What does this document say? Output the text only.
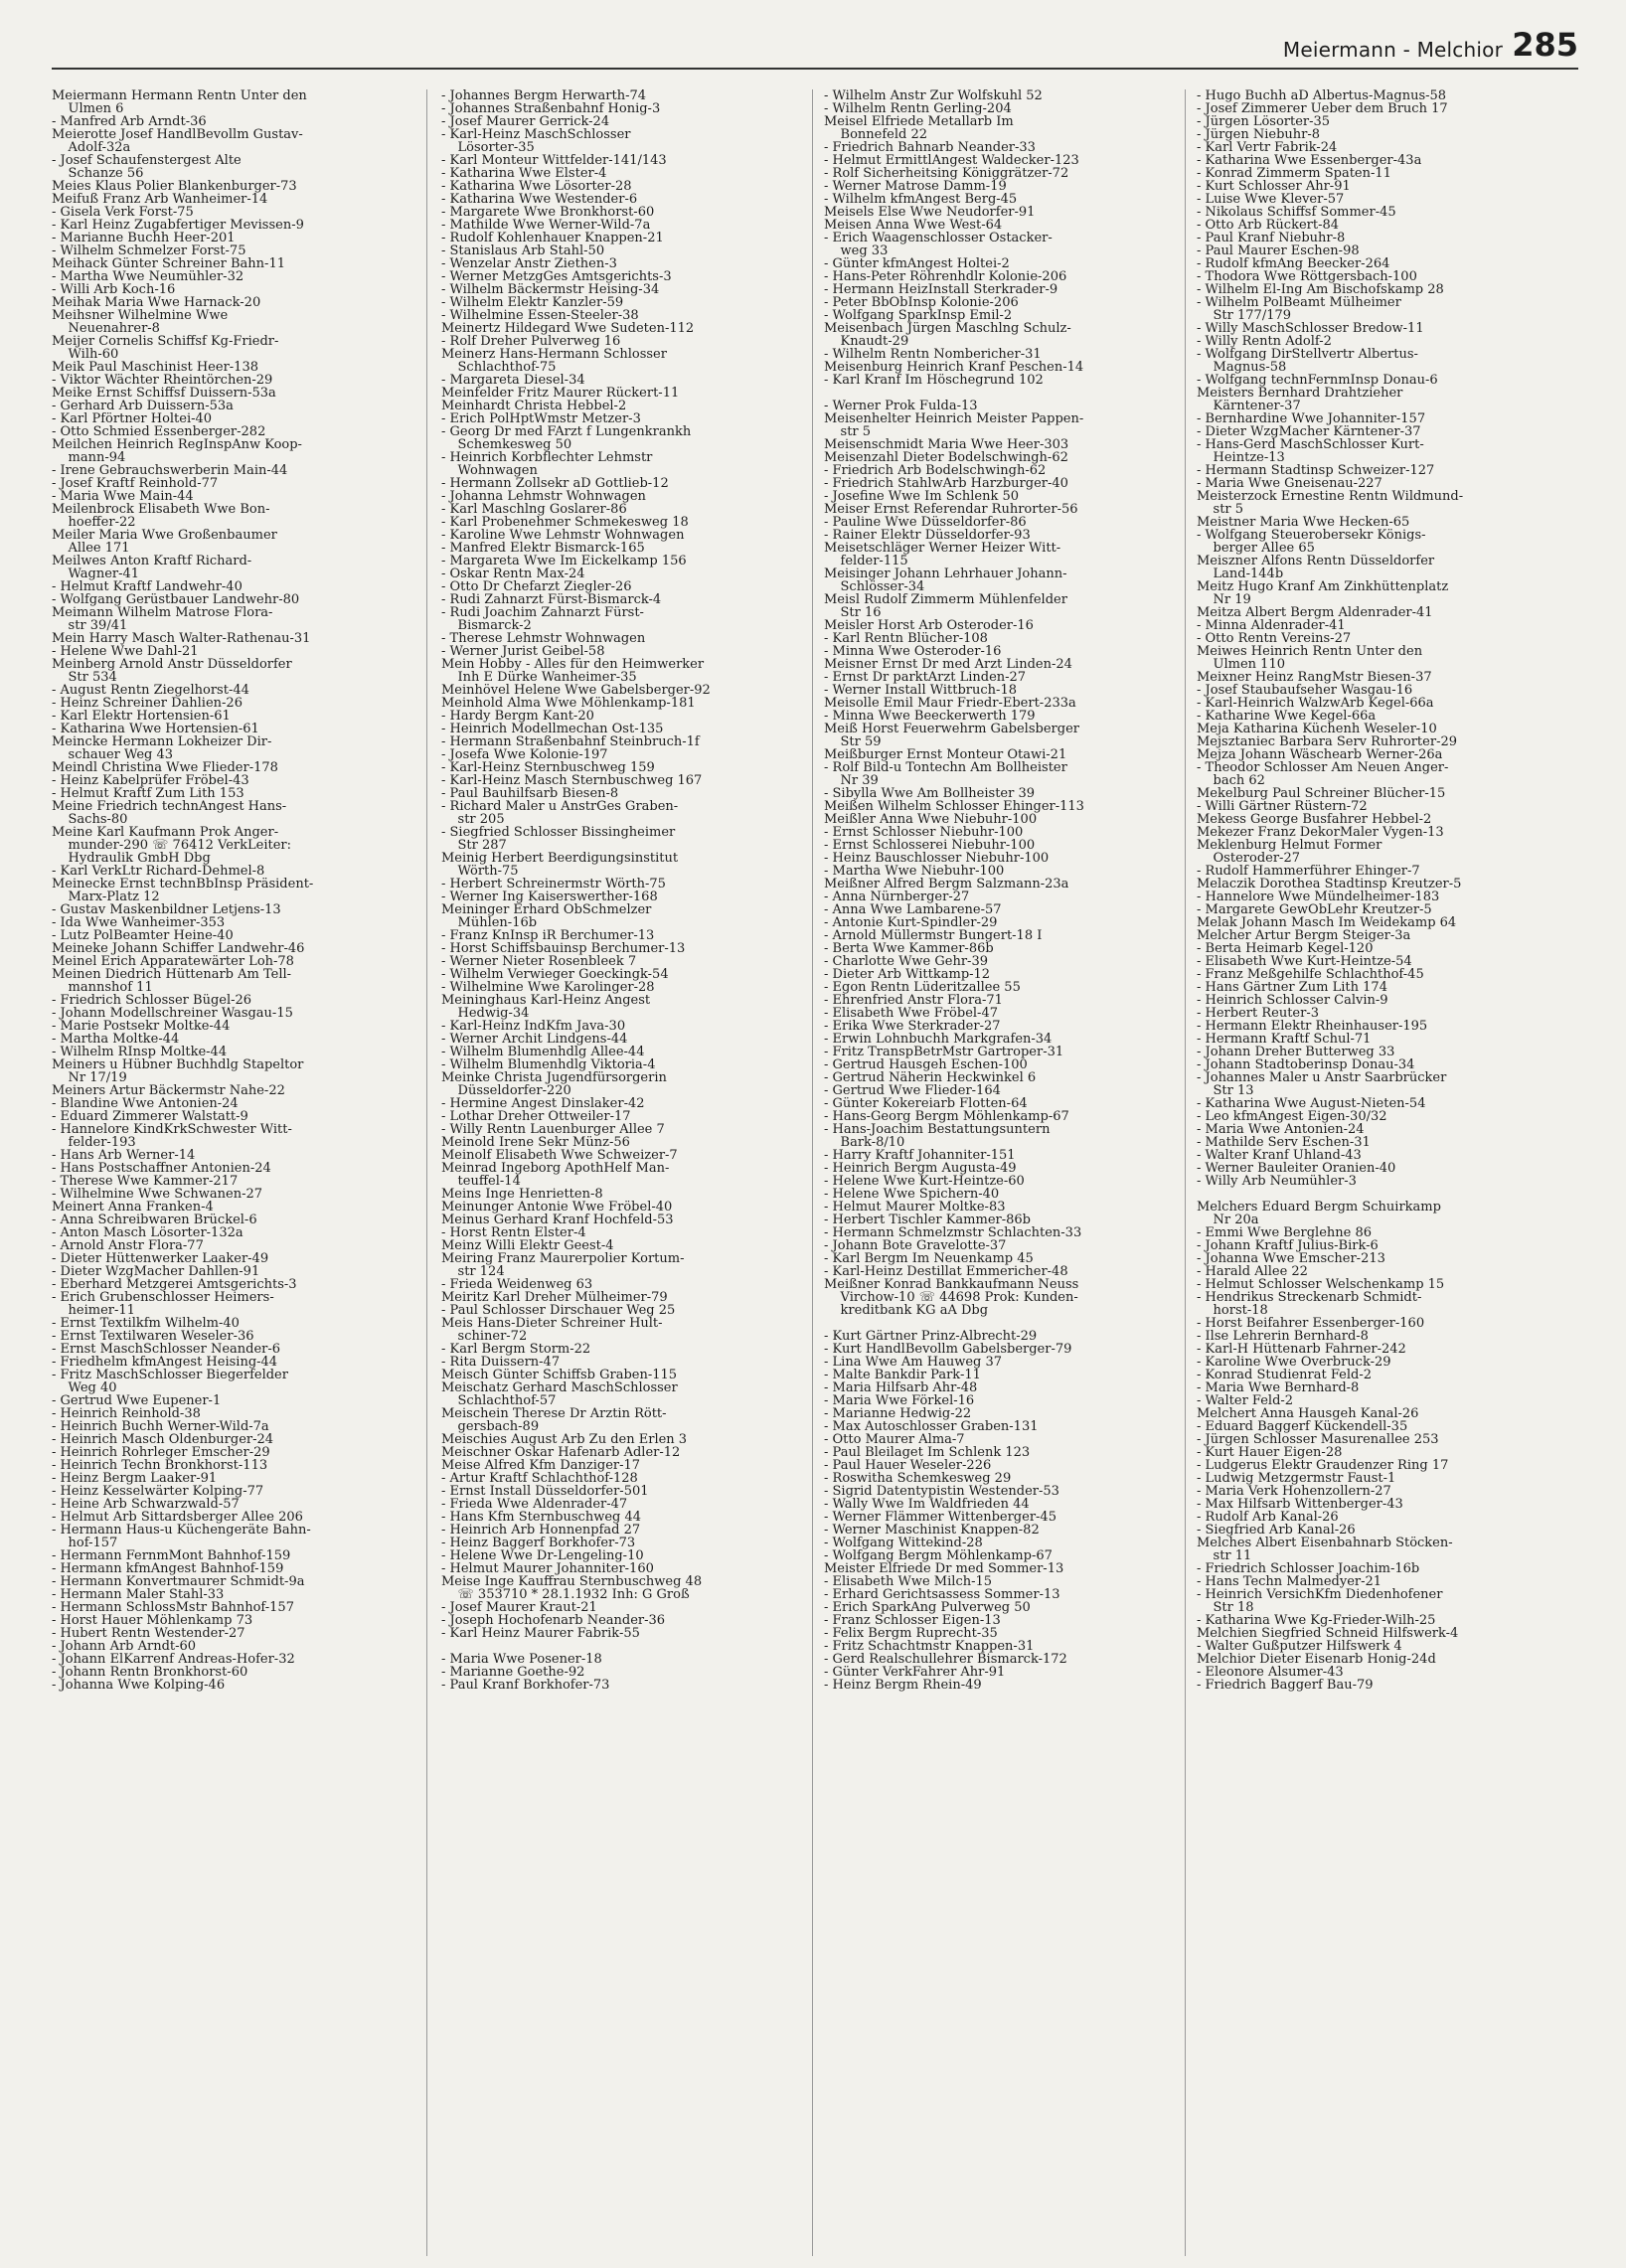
Meiermann - Melchior 285
Meiermann Hermann Rentn Unter den
Ulmen 6
- Manfred Arb Arndt-36
Meierotte Josef HandlBevollm Gustav-
Adolf-32a
- Josef Schaufenstergest Alte
Schanze 56
Meies Klaus Polier Blankenburger-73
Meifuß Franz Arb Wanheimer-14
- Gisela Verk Forst-75
- Karl Heinz Zugabfertiger Mevissen-9
- Marianne Buchh Heer-201
- Wilhelm Schmelzer Forst-75
Meihack Günter Schreiner Bahn-11
- Martha Wwe Neumühler-32
- Willi Arb Koch-16
Meihak Maria Wwe Harnack-20
Meihsner Wilhelmine Wwe
Neuenahrer-8
Meijer Cornelis Schiffsf Kg-Friedr-
Wilh-60
Meik Paul Maschinist Heer-138
- Viktor Wächter Rheintörchen-29
Meike Ernst Schiffsf Duissern-53a
- Gerhard Arb Duissern-53a
- Karl Pförtner Holtei-40
- Otto Schmied Essenberger-282
Meilchen Heinrich RegInspAnw Koop-
mann-94
- Irene Gebrauchswerberin Main-44
- Josef Kraftf Reinhold-77
- Maria Wwe Main-44
Meilenbrock Elisabeth Wwe Bon-
hoeffer-22
Meiler Maria Wwe Großenbaumer
Allee 171
Meilwes Anton Kraftf Richard-
Wagner-41
- Helmut Kraftf Landwehr-40
- Wolfgang Gerüstbauer Landwehr-80
Meimann Wilhelm Matrose Flora-
str 39/41
Mein Harry Masch Walter-Rathenau-31
- Helene Wwe Dahl-21
Meinberg Arnold Anstr Düsseldorfer
Str 534
- August Rentn Ziegelhorst-44
- Heinz Schreiner Dahlien-26
- Karl Elektr Hortensien-61
- Katharina Wwe Hortensien-61
Meincke Hermann Lokheizer Dir-
schauer Weg 43
Meindl Christina Wwe Flieder-178
- Heinz Kabelprüfer Fröbel-43
- Helmut Kraftf Zum Lith 153
Meine Friedrich technAngest Hans-
Sachs-80
Meine Karl Kaufmann Prok Anger-
munder-290 ☏ 76412 VerkLeiter:
Hydraulik GmbH Dbg
- Karl VerkLtr Richard-Dehmel-8
Meinecke Ernst technBbInsp Präsident-
Marx-Platz 12
- Gustav Maskenbildner Letjens-13
- Ida Wwe Wanheimer-353
- Lutz PolBeamter Heine-40
Meineke Johann Schiffer Landwehr-46
Meinel Erich Apparatewärter Loh-78
Meinen Diedrich Hüttenarb Am Tell-
mannshof 11
- Friedrich Schlosser Bügel-26
- Johann Modellschreiner Wasgau-15
- Marie Postsekr Moltke-44
- Martha Moltke-44
- Wilhelm RInsp Moltke-44
Meiners u Hübner Buchhdlg Stapeltor
Nr 17/19
Meiners Artur Bäckermstr Nahe-22
- Blandine Wwe Antonien-24
- Eduard Zimmerer Walstatt-9
- Hannelore KindKrkSchwester Witt-
felder-193
- Hans Arb Werner-14
- Hans Postschaffner Antonien-24
- Therese Wwe Kammer-217
- Wilhelmine Wwe Schwanen-27
Meinert Anna Franken-4
- Anna Schreibwaren Brückel-6
- Anton Masch Lösorter-132a
- Arnold Anstr Flora-77
- Dieter Hüttenwerker Laaker-49
- Dieter WzgMacher Dahllen-91
- Eberhard Metzgerei Amtsgerichts-3
- Erich Grubenschlosser Heimers-
heimer-11
- Ernst Textilkfm Wilhelm-40
- Ernst Textilwaren Weseler-36
- Ernst MaschSchlosser Neander-6
- Friedhelm kfmAngest Heising-44
- Fritz MaschSchlosser Biegerfelder
Weg 40
- Gertrud Wwe Eupener-1
- Heinrich Reinhold-38
- Heinrich Buchh Werner-Wild-7a
- Heinrich Masch Oldenburger-24
- Heinrich Rohrleger Emscher-29
- Heinrich Techn Bronkhorst-113
- Heinz Bergm Laaker-91
- Heinz Kesselwärter Kolping-77
- Heine Arb Schwarzwald-57
- Helmut Arb Sittardsberger Allee 206
- Hermann Haus-u Küchengeräte Bahn-
hof-157
- Hermann FernmMont Bahnhof-159
- Hermann kfmAngest Bahnhof-159
- Hermann Konvertmaurer Schmidt-9a
- Hermann Maler Stahl-33
- Hermann SchlossMstr Bahnhof-157
- Horst Hauer Möhlenkamp 73
- Hubert Rentn Westender-27
- Johann Arb Arndt-60
- Johann ElKarrenf Andreas-Hofer-32
- Johann Rentn Bronkhorst-60
- Johanna Wwe Kolping-46
- Johannes Bergm Herwarth-74
- Johannes Straßenbahnf Honig-3
- Josef Maurer Gerrick-24
- Karl-Heinz MaschSchlosser
Lösorter-35
- Karl Monteur Wittfelder-141/143
- Katharina Wwe Elster-4
- Katharina Wwe Lösorter-28
- Katharina Wwe Westender-6
- Margarete Wwe Bronkhorst-60
- Mathilde Wwe Werner-Wild-7a
- Rudolf Kohlenhauer Knappen-21
- Stanislaus Arb Stahl-50
- Wenzelar Anstr Ziethen-3
- Werner MetzgGes Amtsgerichts-3
- Wilhelm Bäckermstr Heising-34
- Wilhelm Elektr Kanzler-59
- Wilhelmine Essen-Steeler-38
Meinertz Hildegard Wwe Sudeten-112
- Rolf Dreher Pulverweg 16
Meinerz Hans-Hermann Schlosser
Schlachthof-75
- Margareta Diesel-34
Meinfelder Fritz Maurer Rückert-11
Meinhardt Christa Hebbel-2
- Erich PolHptWmstr Metzer-3
- Georg Dr med FArzt f Lungenkrankh
Schemkesweg 50
- Heinrich Korbflechter Lehmstr
Wohnwagen
- Hermann Zollsekr aD Gottlieb-12
- Johanna Lehmstr Wohnwagen
- Karl Maschlng Goslarer-86
- Karl Probenehmer Schmekesweg 18
- Karoline Wwe Lehmstr Wohnwagen
- Manfred Elektr Bismarck-165
- Margareta Wwe Im Eickelkamp 156
- Oskar Rentn Max-24
- Otto Dr Chefarzt Ziegler-26
- Rudi Zahnarzt Fürst-Bismarck-4
- Rudi Joachim Zahnarzt Fürst-
Bismarck-2
- Therese Lehmstr Wohnwagen
- Werner Jurist Geibel-58
Mein Hobby - Alles für den Heimwerker
Inh E Dürke Wanheimer-35
Meinhövel Helene Wwe Gabelsberger-92
Meinhold Alma Wwe Möhlenkamp-181
- Hardy Bergm Kant-20
- Heinrich Modellmechan Ost-135
- Hermann Straßenbahnf Steinbruch-1f
- Josefa Wwe Kolonie-197
- Karl-Heinz Sternbuschweg 159
- Karl-Heinz Masch Sternbuschweg 167
- Paul Bauhilfsarb Biesen-8
- Richard Maler u AnstrGes Graben-
str 205
- Siegfried Schlosser Bissingheimer
Str 287
Meinig Herbert Beerdigungsinstitut
Wörth-75
- Herbert Schreinermstr Wörth-75
- Werner Ing Kaiserswerther-168
Meininger Erhard ObSchmelzer
Mühlen-16b
- Franz KnInsp iR Berchumer-13
- Horst Schiffsbauinsp Berchumer-13
- Werner Nieter Rosenbleek 7
- Wilhelm Verwieger Goeckingk-54
- Wilhelmine Wwe Karolinger-28
Meininghaus Karl-Heinz Angest
Hedwig-34
- Karl-Heinz IndKfm Java-30
- Werner Archit Lindgens-44
- Wilhelm Blumenhdlg Allee-44
- Wilhelm Blumenhdlg Viktoria-4
Meinke Christa Jugendfürsorgerin
Düsseldorfer-220
- Hermine Angest Dinslaker-42
- Lothar Dreher Ottweiler-17
- Willy Rentn Lauenburger Allee 7
Meinold Irene Sekr Münz-56
Meinolf Elisabeth Wwe Schweizer-7
Meinrad Ingeborg ApothHelf Man-
teuffel-14
Meins Inge Henrietten-8
Meinunger Antonie Wwe Fröbel-40
Meinus Gerhard Kranf Hochfeld-53
- Horst Rentn Elster-4
Meinz Willi Elektr Geest-4
Meiring Franz Maurerpolier Kortum-
str 124
- Frieda Weidenweg 63
Meiritz Karl Dreher Mülheimer-79
- Paul Schlosser Dirschauer Weg 25
Meis Hans-Dieter Schreiner Hult-
schiner-72
- Karl Bergm Storm-22
- Rita Duissern-47
Meisch Günter Schiffsb Graben-115
Meischatz Gerhard MaschSchlosser
Schlachthof-57
Meischein Therese Dr Ärztin Rött-
gersbach-89
Meischies August Arb Zu den Erlen 3
Meischner Oskar Hafenarb Adler-12
Meise Alfred Kfm Danziger-17
- Artur Kraftf Schlachthof-128
- Ernst Install Düsseldorfer-501
- Frieda Wwe Aldenrader-47
- Hans Kfm Sternbuschweg 44
- Heinrich Arb Honnenpfad 27
- Heinz Baggerf Borkhofer-73
- Helene Wwe Dr-Lengeling-10
- Helmut Maurer Johanniter-160
Meise Inge Kauffrau Sternbuschweg 48
☏ 353710 * 28.1.1932 Inh: G Groß
- Josef Maurer Kraut-21
- Joseph Hochofenarb Neander-36
- Karl Heinz Maurer Fabrik-55

- Maria Wwe Posener-18
- Marianne Goethe-92
- Paul Kranf Borkhofer-73
- Wilhelm Anstr Zur Wolfskuhl 52
- Wilhelm Rentn Gerling-204
Meisel Elfriede Metallarb Im
Bonnefeld 22
- Friedrich Bahnarb Neander-33
- Helmut ErmittlAngest Waldecker-123
- Rolf Sicherheitsing Königgrätzer-72
- Werner Matrose Damm-19
- Wilhelm kfmAngest Berg-45
Meisels Else Wwe Neudorfer-91
Meisen Anna Wwe West-64
- Erich Waagenschlosser Ostacker-
weg 33
- Günter kfmAngest Holtei-2
- Hans-Peter Röhrenhdlr Kolonie-206
- Hermann HeizInstall Sterkrader-9
- Peter BbObInsp Kolonie-206
- Wolfgang SparkInsp Emil-2
Meisenbach Jürgen Maschlng Schulz-
Knaudt-29
- Wilhelm Rentn Nombericher-31
Meisenburg Heinrich Kranf Peschen-14
- Karl Kranf Im Höschegrund 102

- Werner Prok Fulda-13
Meisenhelter Heinrich Meister Pappen-
str 5
Meisenschmidt Maria Wwe Heer-303
Meisenzahl Dieter Bodelschwingh-62
- Friedrich Arb Bodelschwingh-62
- Friedrich StahlwArb Harzburger-40
- Josefine Wwe Im Schlenk 50
Meiser Ernst Referendar Ruhrorter-56
- Pauline Wwe Düsseldorfer-86
- Rainer Elektr Düsseldorfer-93
Meisetschläger Werner Heizer Witt-
felder-115
Meisinger Johann Lehrhauer Johann-
Schlösser-34
Meisl Rudolf Zimmerm Mühlenfelder
Str 16
Meisler Horst Arb Osteroder-16
- Karl Rentn Blücher-108
- Minna Wwe Osteroder-16
Meisner Ernst Dr med Arzt Linden-24
- Ernst Dr parktArzt Linden-27
- Werner Install Wittbruch-18
Meisolle Emil Maur Friedr-Ebert-233a
- Minna Wwe Beeckerwerth 179
Meiß Horst Feuerwehrm Gabelsberger
Str 59
Meißburger Ernst Monteur Otawi-21
- Rolf Bild-u Tontechn Am Bollheister
Nr 39
- Sibylla Wwe Am Bollheister 39
Meißen Wilhelm Schlosser Ehinger-113
Meißler Anna Wwe Niebuhr-100
- Ernst Schlosser Niebuhr-100
- Ernst Schlosserei Niebuhr-100
- Heinz Bauschlosser Niebuhr-100
- Martha Wwe Niebuhr-100
Meißner Alfred Bergm Salzmann-23a
- Anna Nürnberger-27
- Anna Wwe Lambarene-57
- Antonie Kurt-Spindler-29
- Arnold Müllermstr Bungert-18 I
- Berta Wwe Kammer-86b
- Charlotte Wwe Gehr-39
- Dieter Arb Wittkamp-12
- Egon Rentn Lüderitzallee 55
- Ehrenfried Anstr Flora-71
- Elisabeth Wwe Fröbel-47
- Erika Wwe Sterkrader-27
- Erwin Lohnbuchh Markgrafen-34
- Fritz TranspBetrMstr Gartroper-31
- Gertrud Hausgeh Eschen-100
- Gertrud Näherin Heckwinkel 6
- Gertrud Wwe Flieder-164
- Günter Kokereiarb Flotten-64
- Hans-Georg Bergm Möhlenkamp-67
- Hans-Joachim Bestattungsuntern
Bark-8/10
- Harry Kraftf Johanniter-151
- Heinrich Bergm Augusta-49
- Helene Wwe Kurt-Heintze-60
- Helene Wwe Spichern-40
- Helmut Maurer Moltke-83
- Herbert Tischler Kammer-86b
- Hermann Schmelzmstr Schlachten-33
- Johann Bote Gravelotte-37
- Karl Bergm Im Neuenkamp 45
- Karl-Heinz Destillat Emmericher-48
Meißner Konrad Bankkaufmann Neuss
Virchow-10 ☏ 44698 Prok: Kunden-
kreditbank KG aA Dbg

- Kurt Gärtner Prinz-Albrecht-29
- Kurt HandlBevollm Gabelsberger-79
- Lina Wwe Am Hauweg 37
- Malte Bankdir Park-11
- Maria Hilfsarb Ahr-48
- Maria Wwe Förkel-16
- Marianne Hedwig-22
- Max Autoschlosser Graben-131
- Otto Maurer Alma-7
- Paul Bleilaget Im Schlenk 123
- Paul Hauer Weseler-226
- Roswitha Schemkesweg 29
- Sigrid Datentypistin Westender-53
- Wally Wwe Im Waldfrieden 44
- Werner Flämmer Wittenberger-45
- Werner Maschinist Knappen-82
- Wolfgang Wittekind-28
- Wolfgang Bergm Möhlenkamp-67
Meister Elfriede Dr med Sommer-13
- Elisabeth Wwe Milch-15
- Erhard Gerichtsassess Sommer-13
- Erich SparkAng Pulverweg 50
- Franz Schlosser Eigen-13
- Felix Bergm Ruprecht-35
- Fritz Schachtmstr Knappen-31
- Gerd Realschullehrer Bismarck-172
- Günter VerkFahrer Ahr-91
- Heinz Bergm Rhein-49
- Hugo Buchh aD Albertus-Magnus-58
- Josef Zimmerer Ueber dem Bruch 17
- Jürgen Lösorter-35
- Jürgen Niebuhr-8
- Karl Vertr Fabrik-24
- Katharina Wwe Essenberger-43a
- Konrad Zimmerm Spaten-11
- Kurt Schlosser Ahr-91
- Luise Wwe Klever-57
- Nikolaus Schiffsf Sommer-45
- Otto Arb Rückert-84
- Paul Kranf Niebuhr-8
- Paul Maurer Eschen-98
- Rudolf kfmAng Beecker-264
- Thodora Wwe Röttgersbach-100
- Wilhelm El-Ing Am Bischofskamp 28
- Wilhelm PolBeamt Mülheimer
Str 177/179
- Willy MaschSchlosser Bredow-11
- Willy Rentn Adolf-2
- Wolfgang DirStellvertr Albertus-
Magnus-58
- Wolfgang technFernmInsp Donau-6
Meisters Bernhard Drahtzieher
Kärntener-37
- Bernhardine Wwe Johanniter-157
- Dieter WzgMacher Kärntener-37
- Hans-Gerd MaschSchlosser Kurt-
Heintze-13
- Hermann Stadtinsp Schweizer-127
- Maria Wwe Gneisenau-227
Meisterzock Ernestine Rentn Wildmund-
str 5
Meistner Maria Wwe Hecken-65
- Wolfgang Steuerobersekr Königs-
berger Allee 65
Meiszner Alfons Rentn Düsseldorfer
Land-144b
Meitz Hugo Kranf Am Zinkhüttenplatz
Nr 19
Meitza Albert Bergm Aldenrader-41
- Minna Aldenrader-41
- Otto Rentn Vereins-27
Meiwes Heinrich Rentn Unter den
Ulmen 110
Meixner Heinz RangMstr Biesen-37
- Josef Staubaufseher Wasgau-16
- Karl-Heinrich WalzwArb Kegel-66a
- Katharine Wwe Kegel-66a
Meja Katharina Küchenh Weseler-10
Mejsztaniec Barbara Serv Ruhrorter-29
Mejza Johann Wäschearb Werner-26a
- Theodor Schlosser Am Neuen Anger-
bach 62
Mekelburg Paul Schreiner Blücher-15
- Willi Gärtner Rüstern-72
Mekess George Busfahrer Hebbel-2
Mekezer Franz DekorMaler Vygen-13
Meklenburg Helmut Former
Osteroder-27
- Rudolf Hammerführer Ehinger-7
Melaczik Dorothea Stadtinsp Kreutzer-5
- Hannelore Wwe Mündelheimer-183
- Margarete GewObLehr Kreutzer-5
Melak Johann Masch Im Weidekamp 64
Melcher Artur Bergm Steiger-3a
- Berta Heimarb Kegel-120
- Elisabeth Wwe Kurt-Heintze-54
- Franz Meßgehilfe Schlachthof-45
- Hans Gärtner Zum Lith 174
- Heinrich Schlosser Calvin-9
- Herbert Reuter-3
- Hermann Elektr Rheinhauser-195
- Hermann Kraftf Schul-71
- Johann Dreher Butterweg 33
- Johann Stadtoberinsp Donau-34
- Johannes Maler u Anstr Saarbrücker
Str 13
- Katharina Wwe August-Nieten-54
- Leo kfmAngest Eigen-30/32
- Maria Wwe Antonien-24
- Mathilde Serv Eschen-31
- Walter Kranf Uhland-43
- Werner Bauleiter Oranien-40
- Willy Arb Neumühler-3

Melchers Eduard Bergm Schuirkamp
Nr 20a
- Emmi Wwe Berglehne 86
- Johann Kraftf Julius-Birk-6
- Johanna Wwe Emscher-213
- Harald Allee 22
- Helmut Schlosser Welschenkamp 15
- Hendrikus Streckenarb Schmidt-
horst-18
- Horst Beifahrer Essenberger-160
- Ilse Lehrerin Bernhard-8
- Karl-H Hüttenarb Fahrner-242
- Karoline Wwe Overbruck-29
- Konrad Studienrat Feld-2
- Maria Wwe Bernhard-8
- Walter Feld-2
Melchert Anna Hausgeh Kanal-26
- Eduard Baggerf Kückendell-35
- Jürgen Schlosser Masurenallee 253
- Kurt Hauer Eigen-28
- Ludgerus Elektr Graudenzer Ring 17
- Ludwig Metzgermstr Faust-1
- Maria Verk Hohenzollern-27
- Max Hilfsarb Wittenberger-43
- Rudolf Arb Kanal-26
- Siegfried Arb Kanal-26
Melches Albert Eisenbahnarb Stöcken-
str 11
- Friedrich Schlosser Joachim-16b
- Hans Techn Malmedyer-21
- Heinrich VersichKfm Diedenhofener
Str 18
- Katharina Wwe Kg-Frieder-Wilh-25
Melchien Siegfried Schneid Hilfswerk-4
- Walter Gußputzer Hilfswerk 4
Melchior Dieter Eisenarb Honig-24d
- Eleonore Alsumer-43
- Friedrich Baggerf Bau-79
